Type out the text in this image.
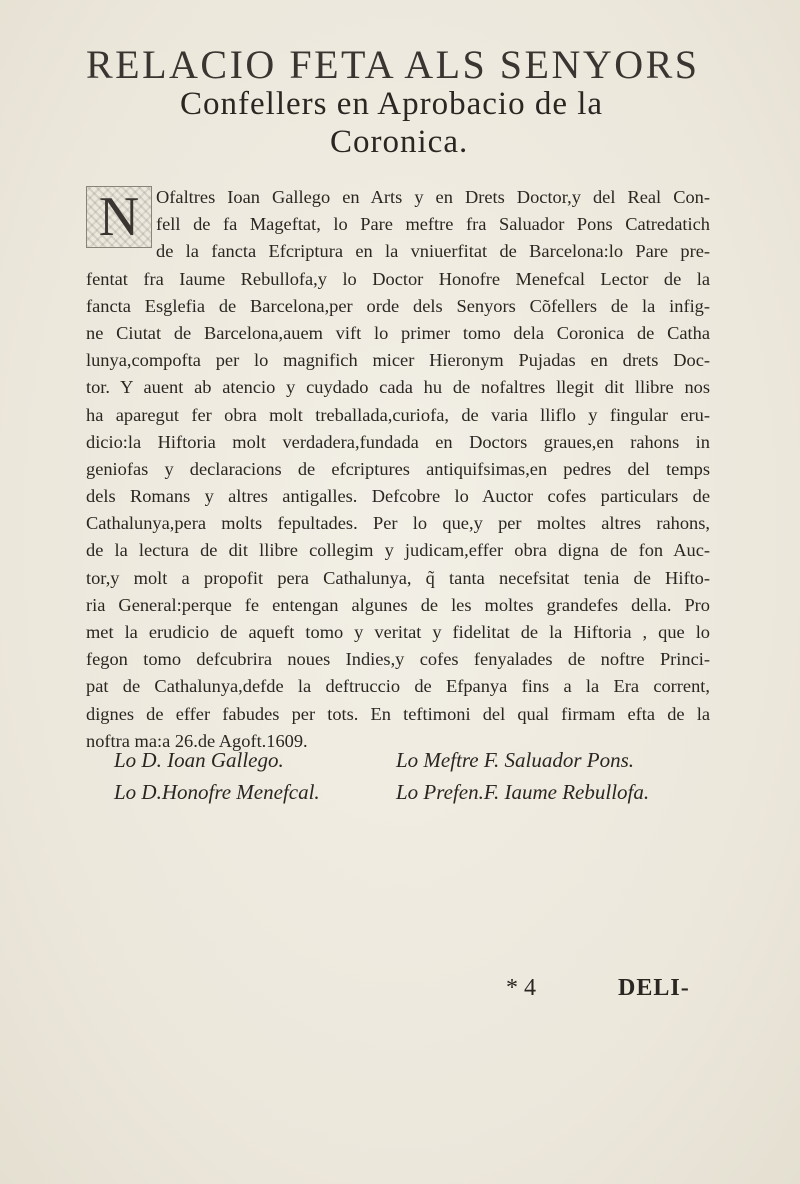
RELACIO FETA ALS SENYORS
Confellers en Aprobacio de la
Coronica.
N Ofaltres Ioan Gallego en Arts y en Drets Doctor,y del Real Con-
fell de fa Mageftat, lo Pare meftre fra Saluador Pons Catredatich
de la fancta Efcriptura en la vniuerfitat de Barcelona:lo Pare pre-
fentat fra Iaume Rebullofa,y lo Doctor Honofre Menefcal Lector de la
fancta Esglefia de Barcelona,per orde dels Senyors Cõfellers de la infig-
ne Ciutat de Barcelona,auem vift lo primer tomo dela Coronica de Catha
lunya,compofta per lo magnifich micer Hieronym Pujadas en drets Doc-
tor. Y auent ab atencio y cuydado cada hu de nofaltres llegit dit llibre nos
ha aparegut fer obra molt treballada,curiofa, de varia lliflo y fingular eru-
dicio:la Hiftoria molt verdadera,fundada en Doctors graues,en rahons in
geniofas y declaracions de efcriptures antiquifsimas,en pedres del temps
dels Romans y altres antigalles. Defcobre lo Auctor cofes particulars de
Cathalunya,pera molts fepultades. Per lo que,y per moltes altres rahons,
de la lectura de dit llibre collegim y judicam,effer obra digna de fon Auc-
tor,y molt a propofit pera Cathalunya, q̃ tanta necefsitat tenia de Hifto-
ria General:perque fe entengan algunes de les moltes grandefes della. Pro
met la erudicio de aqueft tomo y veritat y fidelitat de la Hiftoria , que lo
fegon tomo defcubrira noues Indies,y cofes fenyalades de noftre Princi-
pat de Cathalunya,defde la deftruccio de Efpanya fins a la Era corrent,
dignes de effer fabudes per tots. En teftimoni del qual firmam efta de la
noftra ma:a 26.de Agoft.1609.
Lo D. Ioan Gallego.	Lo Meftre F. Saluador Pons.
Lo D.Honofre Menefcal.	Lo Prefen.F. Iaume Rebullofa.
* 4	DELI-
